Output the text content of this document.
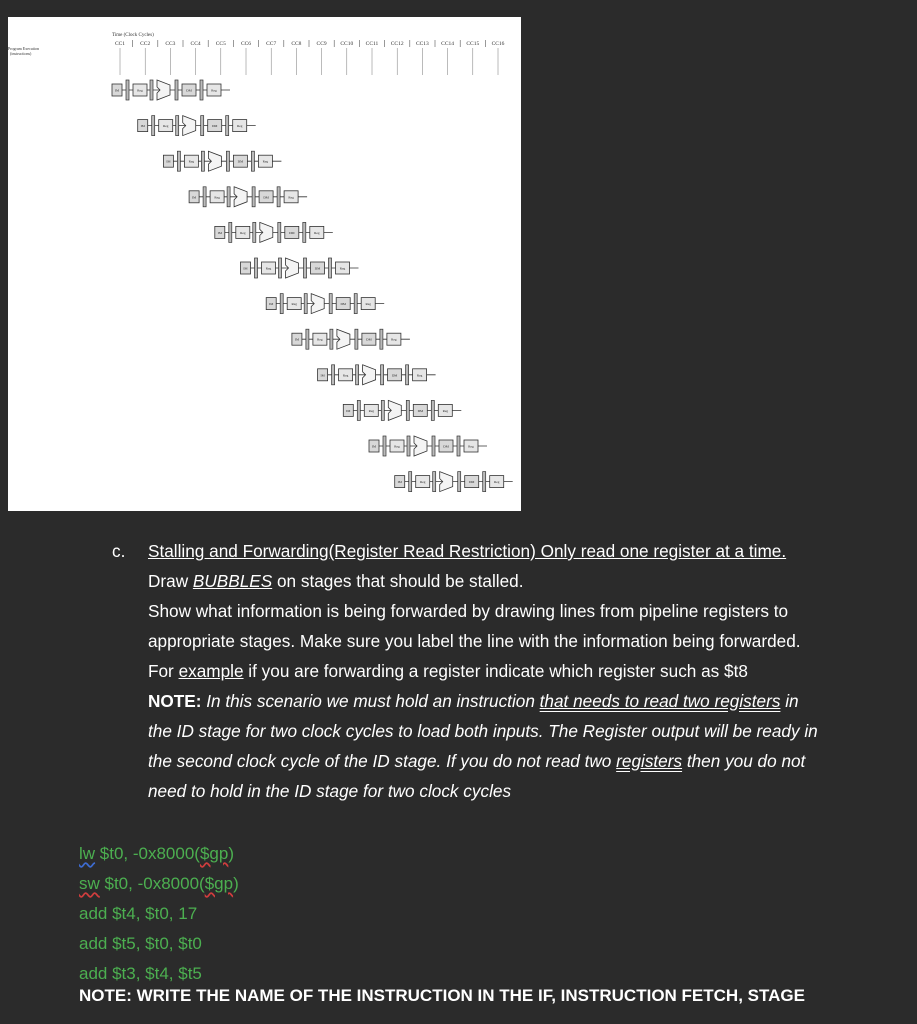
Time (Clock Cycles)
Program Execution
(instructions)
CC1	CC2	CC3	CC4	CC5	CC6	CC7	CC8	CC9 CC10 CC11 CC12 CC13 CC14 CC15 CC16
IM	Reg	DM	Reg
IM	Reg	DM	Reg
IM	Reg	DM	Reg
IM	Reg	DM	Reg
IM	Reg	DM	Reg
IM	Reg	DM	Reg
IM	Reg	DM	Reg
IM	Reg	DM	Reg
IM	Reg	DM	Reg
IM	Reg	DM	Reg
IM	Reg	DM	Reg
IM	Reg	DM	Reg
c. Stalling and Forwarding(Register Read Restriction) Only read one register at a time.
Draw BUBBLES on stages that should be stalled.
Show what information is being forwarded by drawing lines from pipeline registers to
appropriate stages. Make sure you label the line with the information being forwarded.
For example if you are forwarding a register indicate which register such as $t8
NOTE: In this scenario we must hold an instruction that needs to read two registers in
the ID stage for two clock cycles to load both inputs. The Register output will be ready in
the second clock cycle of the ID stage. If you do not read two registers then you do not
need to hold in the ID stage for two clock cycles
lw $t0, -0x8000($gp)
sw $t0, -0x8000($gp)
add $t4, $t0, 17
add $t5, $t0, $t0
add $t3, $t4, $t5
NOTE: WRITE THE NAME OF THE INSTRUCTION IN THE IF, INSTRUCTION FETCH, STAGE
